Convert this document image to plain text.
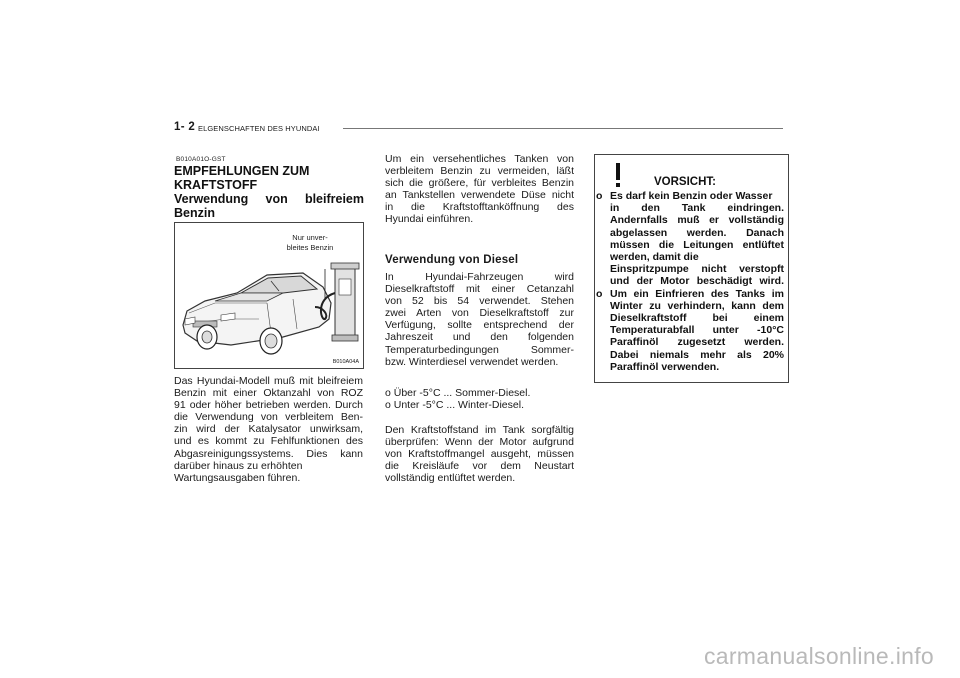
1- 2 ELGENSCHAFTEN DES HYUNDAI
B010A01O-GST
EMPFEHLUNGEN ZUM
KRAFTSTOFF
Verwendung von bleifreiem
Benzin
Nur unver-
bleites Benzin
B010A04A
Das Hyundai-Modell muß mit bleifreiem
Benzin mit einer Oktanzahl von ROZ
91 oder höher betrieben werden. Durch
die Verwendung von verbleitem Ben-
zin wird der Katalysator unwirksam,
und es kommt zu Fehlfunktionen des
Abgasreinigungssystems. Dies kann
darüber hinaus zu erhöhten
Wartungsausgaben führen.
Um ein versehentliches Tanken von
verbleitem Benzin zu vermeiden, läßt
sich die größere, für verbleites Benzin
an Tankstellen verwendete Düse nicht
in die Kraftstofftanköffnung des
Hyundai einführen.
Verwendung von Diesel
In Hyundai-Fahrzeugen wird
Dieselkraftstoff mit einer Cetanzahl
von 52 bis 54 verwendet. Stehen
zwei Arten von Dieselkraftstoff zur
Verfügung, sollte entsprechend der
Jahreszeit und den folgenden
Temperaturbedingungen Sommer-
bzw. Winterdiesel verwendet werden.
o Über -5°C ... Sommer-Diesel.
o Unter -5°C ... Winter-Diesel.
Den Kraftstoffstand im Tank sorgfältig
überprüfen: Wenn der Motor aufgrund
von Kraftstoffmangel ausgeht, müssen
die Kreisläufe vor dem Neustart
vollständig entlüftet werden.
VORSICHT:
o Es darf kein Benzin oder Wasser
in den Tank eindringen.
Andernfalls muß er vollständig
abgelassen werden. Danach
müssen die Leitungen entlüftet
werden, damit die
Einspritzpumpe nicht verstopft
und der Motor beschädigt wird.
o Um ein Einfrieren des Tanks im
Winter zu verhindern, kann dem
Dieselkraftstoff bei einem
Temperaturabfall unter -10°C
Paraffinöl zugesetzt werden.
Dabei niemals mehr als 20%
Paraffinöl verwenden.
carmanualsonline.info
